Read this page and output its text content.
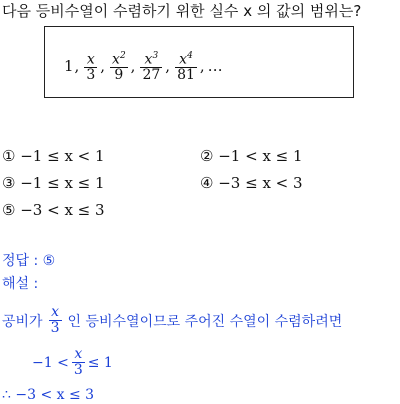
다음 등비수열이 수렴하기 위한 실수 x 의 값의 범위는?
1 , $\frac{x}{3}$ , $\frac{x^2}{9}$ , $\frac{x^3}{27}$ , $\frac{x^4}{81}$ , …
① −1 ≤ x < 1	② −1 < x ≤ 1
③ −1 ≤ x ≤ 1	④ −3 ≤ x < 3
⑤ −3 < x ≤ 3
정답 : ⑤
해설 :
공비가 $\frac{x}{3}$ 인 등비수열이므로 주어진 수열이 수렴하려면
$-1 < \frac{x}{3} \le 1$
∴ −3 < x ≤ 3
